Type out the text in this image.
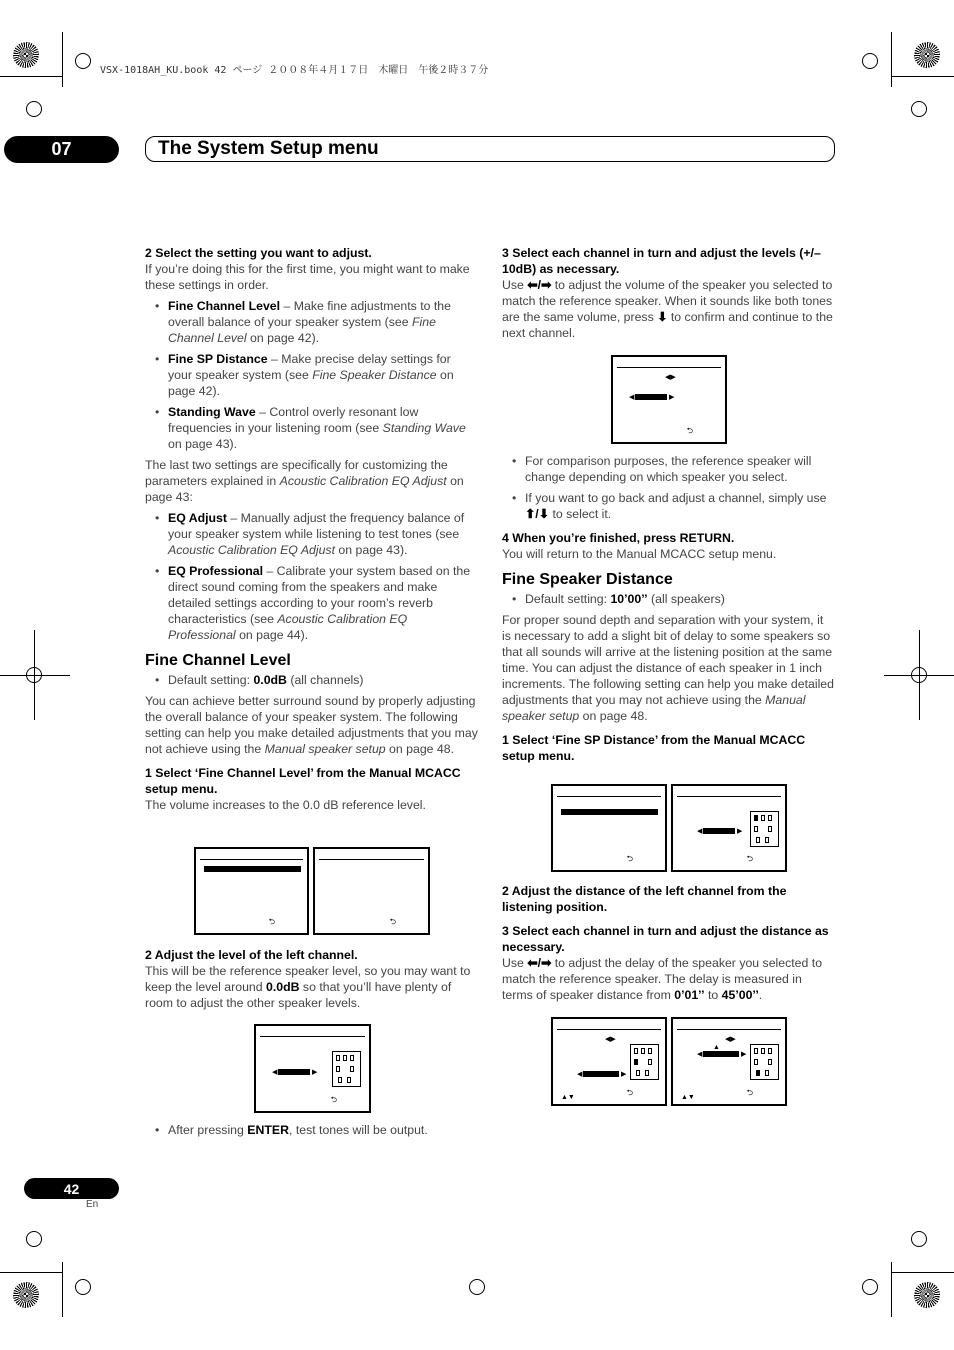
VSX-1018AH_KU.book 42 ページ ２００８年４月１７日　木曜日　午後２時３７分
07	The System Setup menu

2 Select the setting you want to adjust.

If you’re doing this for the first time, you might want to make these settings in order.

• Fine Channel Level – Make fine adjustments to the overall balance of your speaker system (see Fine Channel Level on page 42).
• Fine SP Distance – Make precise delay settings for your speaker system (see Fine Speaker Distance on page 42).
• Standing Wave – Control overly resonant low frequencies in your listening room (see Standing Wave on page 43).

The last two settings are specifically for customizing the parameters explained in Acoustic Calibration EQ Adjust on page 43:

• EQ Adjust – Manually adjust the frequency balance of your speaker system while listening to test tones (see Acoustic Calibration EQ Adjust on page 43).
• EQ Professional – Calibrate your system based on the direct sound coming from the speakers and make detailed settings according to your room’s reverb characteristics (see Acoustic Calibration EQ Professional on page 44).
Fine Channel Level
• Default setting: 0.0dB (all channels)

You can achieve better surround sound by properly adjusting the overall balance of your speaker system. The following setting can help you make detailed adjustments that you may not achieve using the Manual speaker setup on page 48.

1 Select ‘Fine Channel Level’ from the Manual MCACC setup menu.

The volume increases to the 0.0 dB reference level.

⮌	⮌

2 Adjust the level of the left channel.

This will be the reference speaker level, so you may want to keep the level around 0.0dB so that you’ll have plenty of room to adjust the other speaker levels.

◀	▶
⮌
• After pressing ENTER, test tones will be output.

3 Select each channel in turn and adjust the levels (+/–10dB) as necessary.

Use ⬅/➡ to adjust the volume of the speaker you selected to match the reference speaker. When it sounds like both tones are the same volume, press ⬇ to confirm and continue to the next channel.

◀▶
◀	▶
⮌
• For comparison purposes, the reference speaker will change depending on which speaker you select.
• If you want to go back and adjust a channel, simply use ⬆/⬇ to select it.

4 When you’re finished, press RETURN.

You will return to the Manual MCACC setup menu.

Fine Speaker Distance
• Default setting: 10’00’’ (all speakers)

For proper sound depth and separation with your system, it is necessary to add a slight bit of delay to some speakers so that all sounds will arrive at the listening position at the same time. You can adjust the distance of each speaker in 1 inch increments. The following setting can help you make detailed adjustments that you may not achieve using the Manual speaker setup on page 48.

1 Select ‘Fine SP Distance’ from the Manual MCACC setup menu.

⮌
◀	▶
⮌

2 Adjust the distance of the left channel from the listening position.

3 Select each channel in turn and adjust the distance as necessary.

Use ⬅/➡ to adjust the delay of the speaker you selected to match the reference speaker. The delay is measured in terms of speaker distance from 0’01’’ to 45’00’’.

◀▶
◀	▶
▲▼
⮌
◀▶
▲
◀	▶
▲▼
⮌
42
En
